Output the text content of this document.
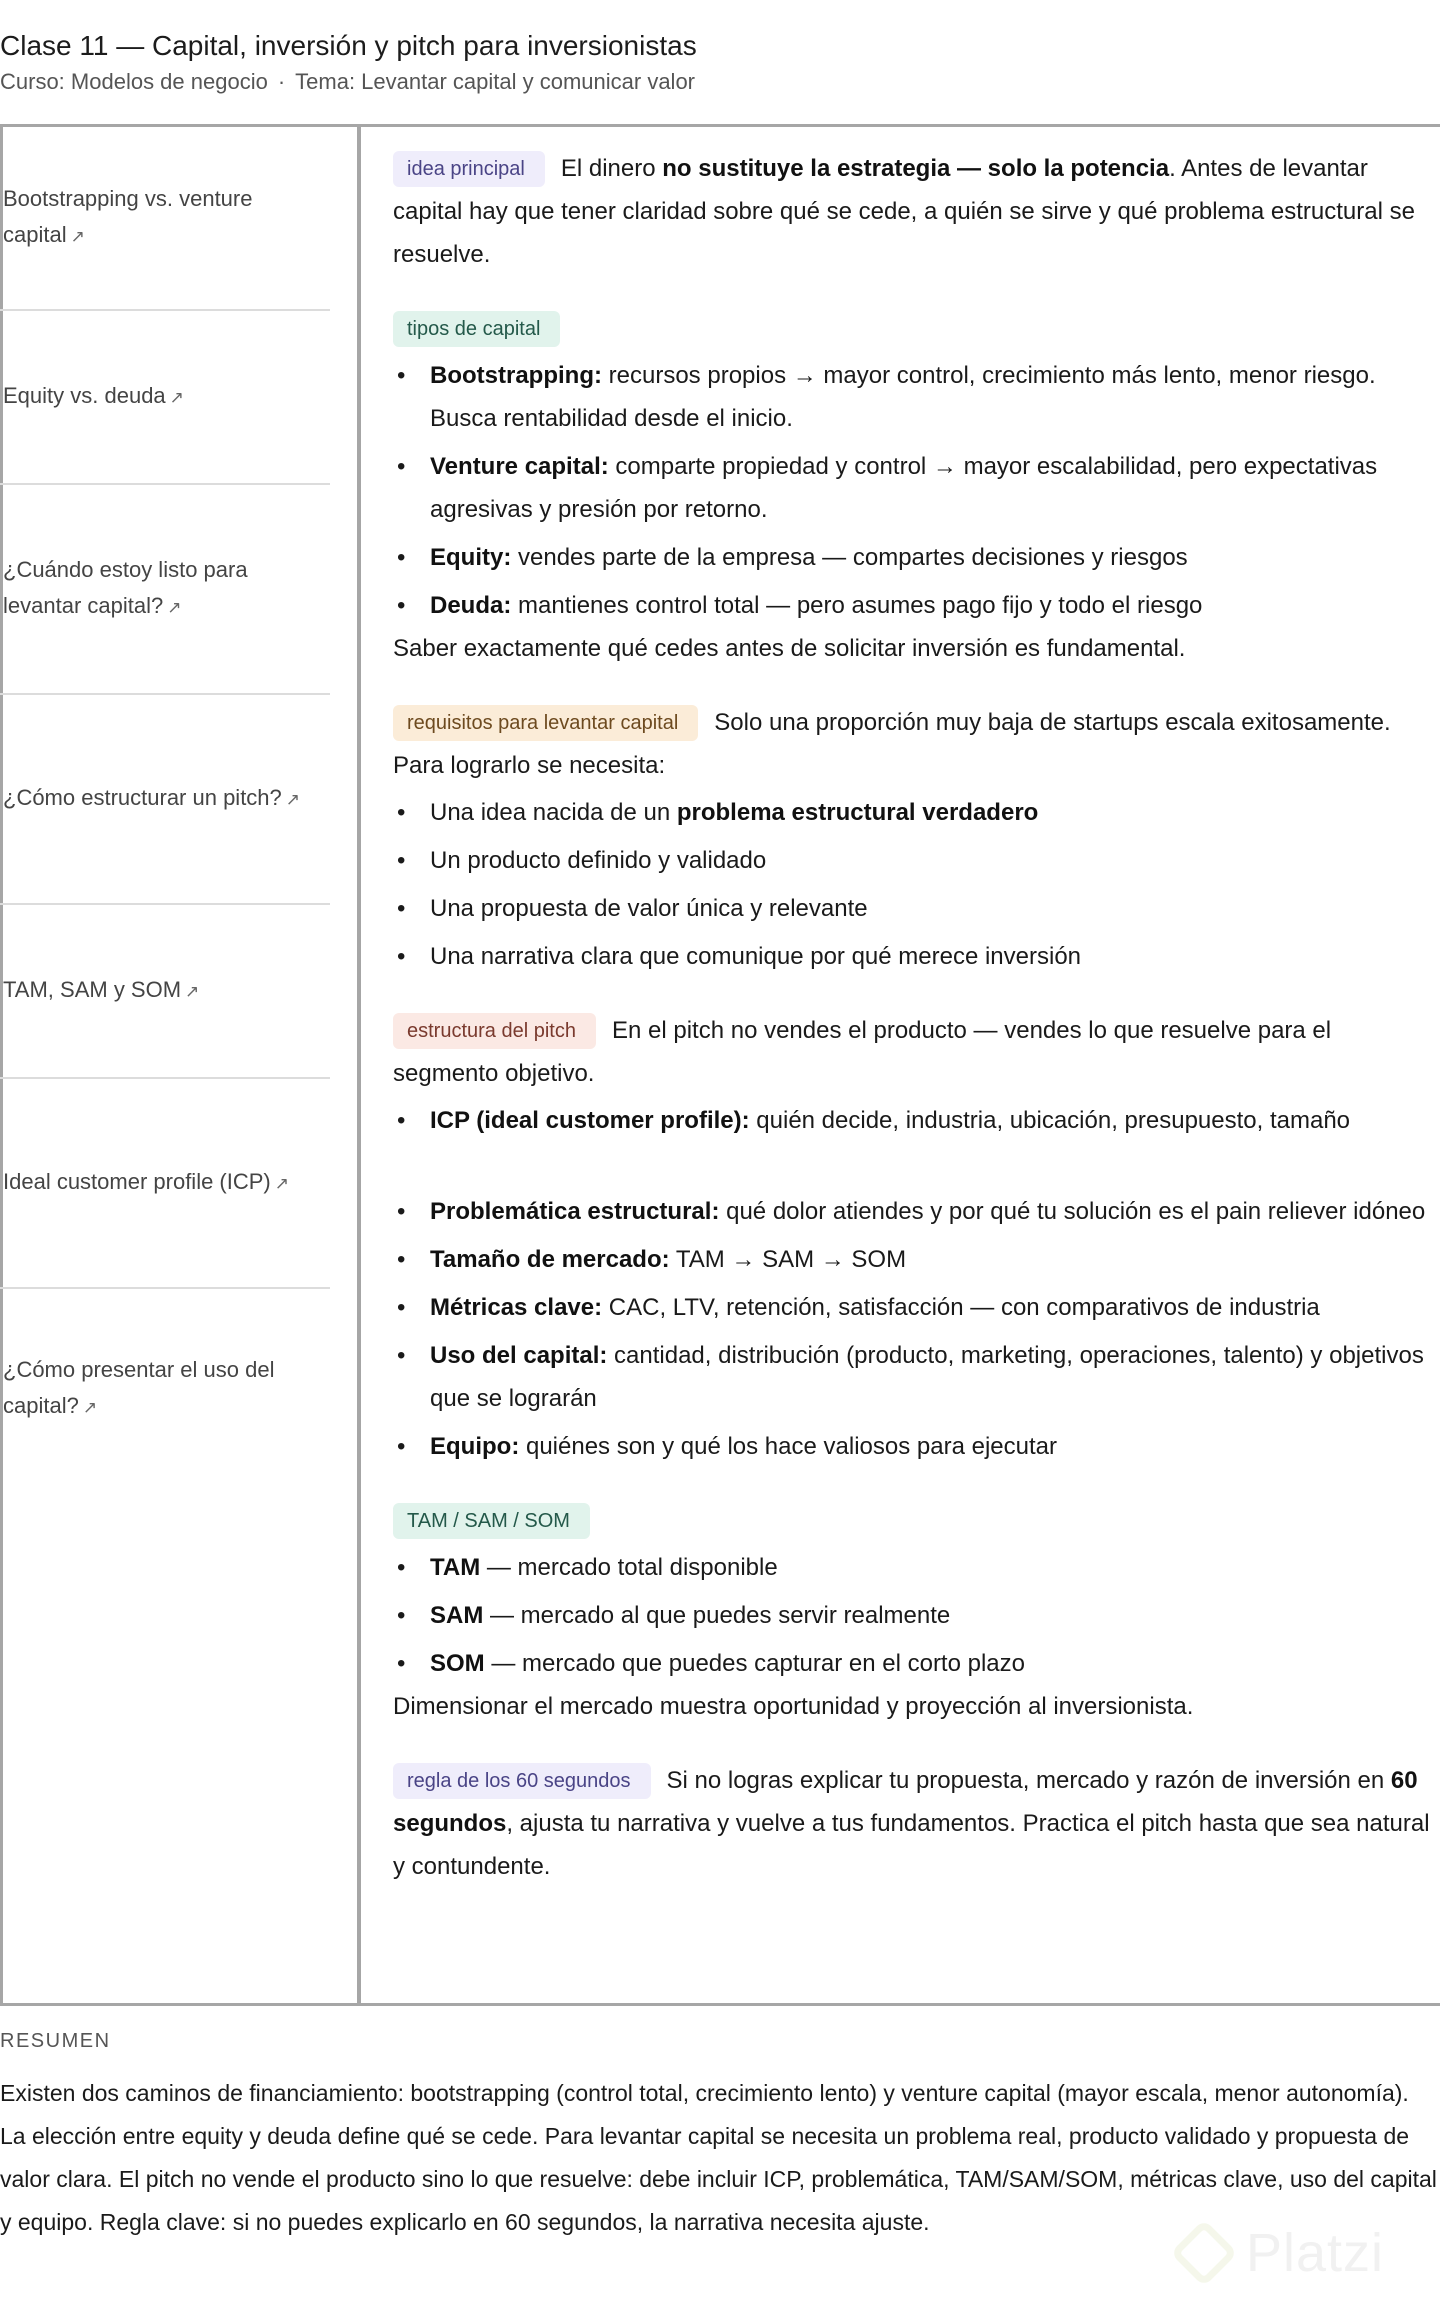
Clase 11 — Capital, inversión y pitch para inversionistas
Curso: Modelos de negocio · Tema: Levantar capital y comunicar valor
Bootstrapping vs. venture capital ↗
Equity vs. deuda ↗
¿Cuándo estoy listo para levantar capital? ↗
¿Cómo estructurar un pitch? ↗
TAM, SAM y SOM ↗
Ideal customer profile (ICP) ↗
¿Cómo presentar el uso del capital? ↗
idea principal El dinero no sustituye la estrategia — solo la potencia. Antes de levantar capital hay que tener claridad sobre qué se cede, a quién se sirve y qué problema estructural se resuelve.
tipos de capital
• Bootstrapping: recursos propios → mayor control, crecimiento más lento, menor riesgo. Busca rentabilidad desde el inicio.
• Venture capital: comparte propiedad y control → mayor escalabilidad, pero expectativas agresivas y presión por retorno.
• Equity: vendes parte de la empresa — compartes decisiones y riesgos
• Deuda: mantienes control total — pero asumes pago fijo y todo el riesgo
Saber exactamente qué cedes antes de solicitar inversión es fundamental.
requisitos para levantar capital Solo una proporción muy baja de startups escala exitosamente. Para lograrlo se necesita:
• Una idea nacida de un problema estructural verdadero
• Un producto definido y validado
• Una propuesta de valor única y relevante
• Una narrativa clara que comunique por qué merece inversión
estructura del pitch En el pitch no vendes el producto — vendes lo que resuelve para el segmento objetivo.
• ICP (ideal customer profile): quién decide, industria, ubicación, presupuesto, tamaño
• Problemática estructural: qué dolor atiendes y por qué tu solución es el pain reliever idóneo
• Tamaño de mercado: TAM → SAM → SOM
• Métricas clave: CAC, LTV, retención, satisfacción — con comparativos de industria
• Uso del capital: cantidad, distribución (producto, marketing, operaciones, talento) y objetivos que se lograrán
• Equipo: quiénes son y qué los hace valiosos para ejecutar
TAM / SAM / SOM
• TAM — mercado total disponible
• SAM — mercado al que puedes servir realmente
• SOM — mercado que puedes capturar en el corto plazo
Dimensionar el mercado muestra oportunidad y proyección al inversionista.
regla de los 60 segundos Si no logras explicar tu propuesta, mercado y razón de inversión en 60 segundos, ajusta tu narrativa y vuelve a tus fundamentos. Practica el pitch hasta que sea natural y contundente.
RESUMEN
Existen dos caminos de financiamiento: bootstrapping (control total, crecimiento lento) y venture capital (mayor escala, menor autonomía). La elección entre equity y deuda define qué se cede. Para levantar capital se necesita un problema real, producto validado y propuesta de valor clara. El pitch no vende el producto sino lo que resuelve: debe incluir ICP, problemática, TAM/SAM/SOM, métricas clave, uso del capital y equipo. Regla clave: si no puedes explicarlo en 60 segundos, la narrativa necesita ajuste.
Platzi
